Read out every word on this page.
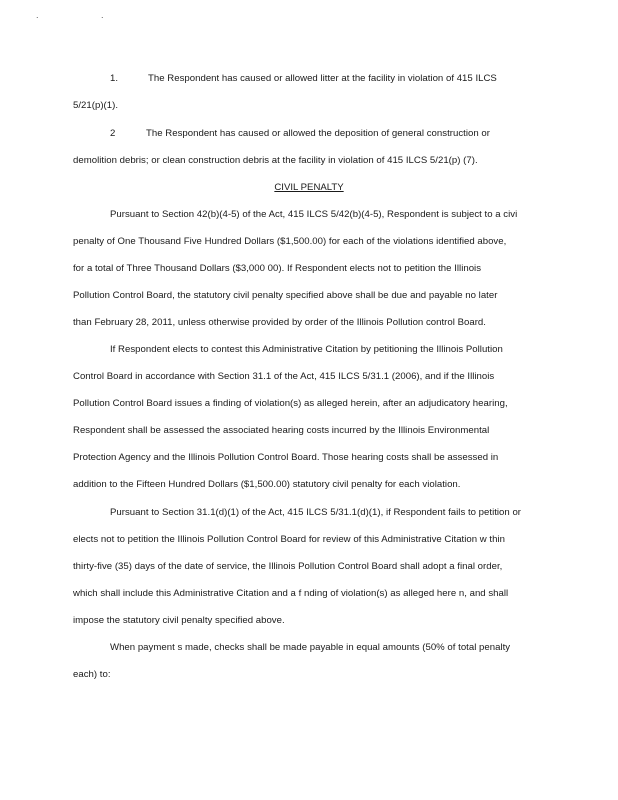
. .
1.	The Respondent has caused or allowed litter at the facility in violation of 415 ILCS
5/21(p)(1).
2	The Respondent has caused or allowed the deposition of general construction or
demolition debris; or clean construction debris at the facility in violation of 415 ILCS 5/21(p) (7).
CIVIL PENALTY
Pursuant to Section 42(b)(4-5) of the Act, 415 ILCS 5/42(b)(4-5), Respondent is subject to a civi
penalty of One Thousand Five Hundred Dollars ($1,500.00) for each of the violations identified above,
for a total of Three Thousand Dollars ($3,000 00). If Respondent elects not to petition the Illinois
Pollution Control Board, the statutory civil penalty specified above shall be due and payable no later
than February 28, 2011, unless otherwise provided by order of the Illinois Pollution control Board.
If Respondent elects to contest this Administrative Citation by petitioning the Illinois Pollution
Control Board in accordance with Section 31.1 of the Act, 415 ILCS 5/31.1 (2006), and if the Illinois
Pollution Control Board issues a finding of violation(s) as alleged herein, after an adjudicatory hearing,
Respondent shall be assessed the associated hearing costs incurred by the Illinois Environmental
Protection Agency and the Illinois Pollution Control Board. Those hearing costs shall be assessed in
addition to the Fifteen Hundred Dollars ($1,500.00) statutory civil penalty for each violation.
Pursuant to Section 31.1(d)(1) of the Act, 415 ILCS 5/31.1(d)(1), if Respondent fails to petition or
elects not to petition the Illinois Pollution Control Board for review of this Administrative Citation w thin
thirty-five (35) days of the date of service, the Illinois Pollution Control Board shall adopt a final order,
which shall include this Administrative Citation and a f nding of violation(s) as alleged here n, and shall
impose the statutory civil penalty specified above.
When payment s made, checks shall be made payable in equal amounts (50% of total penalty
each) to:
